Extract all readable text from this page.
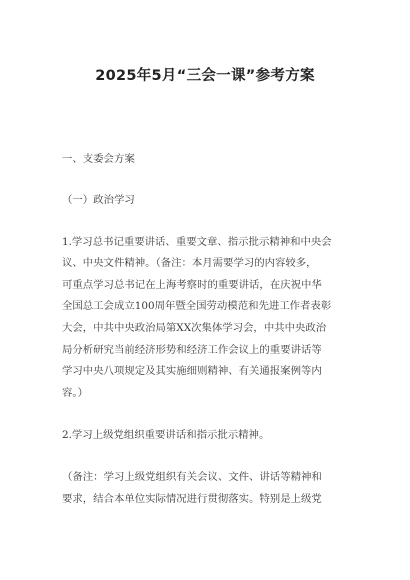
2025年5月“三会一课”参考方案
一、支委会方案
（一）政治学习
1.学习总书记重要讲话、重要文章、指示批示精神和中央会
议、中央文件精神。（备注：本月需要学习的内容较多，
可重点学习总书记在上海考察时的重要讲话，在庆祝中华
全国总工会成立100周年暨全国劳动模范和先进工作者表彰
大会，中共中央政治局第XX次集体学习会，中共中央政治
局分析研究当前经济形势和经济工作会议上的重要讲话等
学习中央八项规定及其实施细则精神、有关通报案例等内
容。）
2.学习上级党组织重要讲话和指示批示精神。
（备注：学习上级党组织有关会议、文件、讲话等精神和
要求，结合本单位实际情况进行贯彻落实。特别是上级党
